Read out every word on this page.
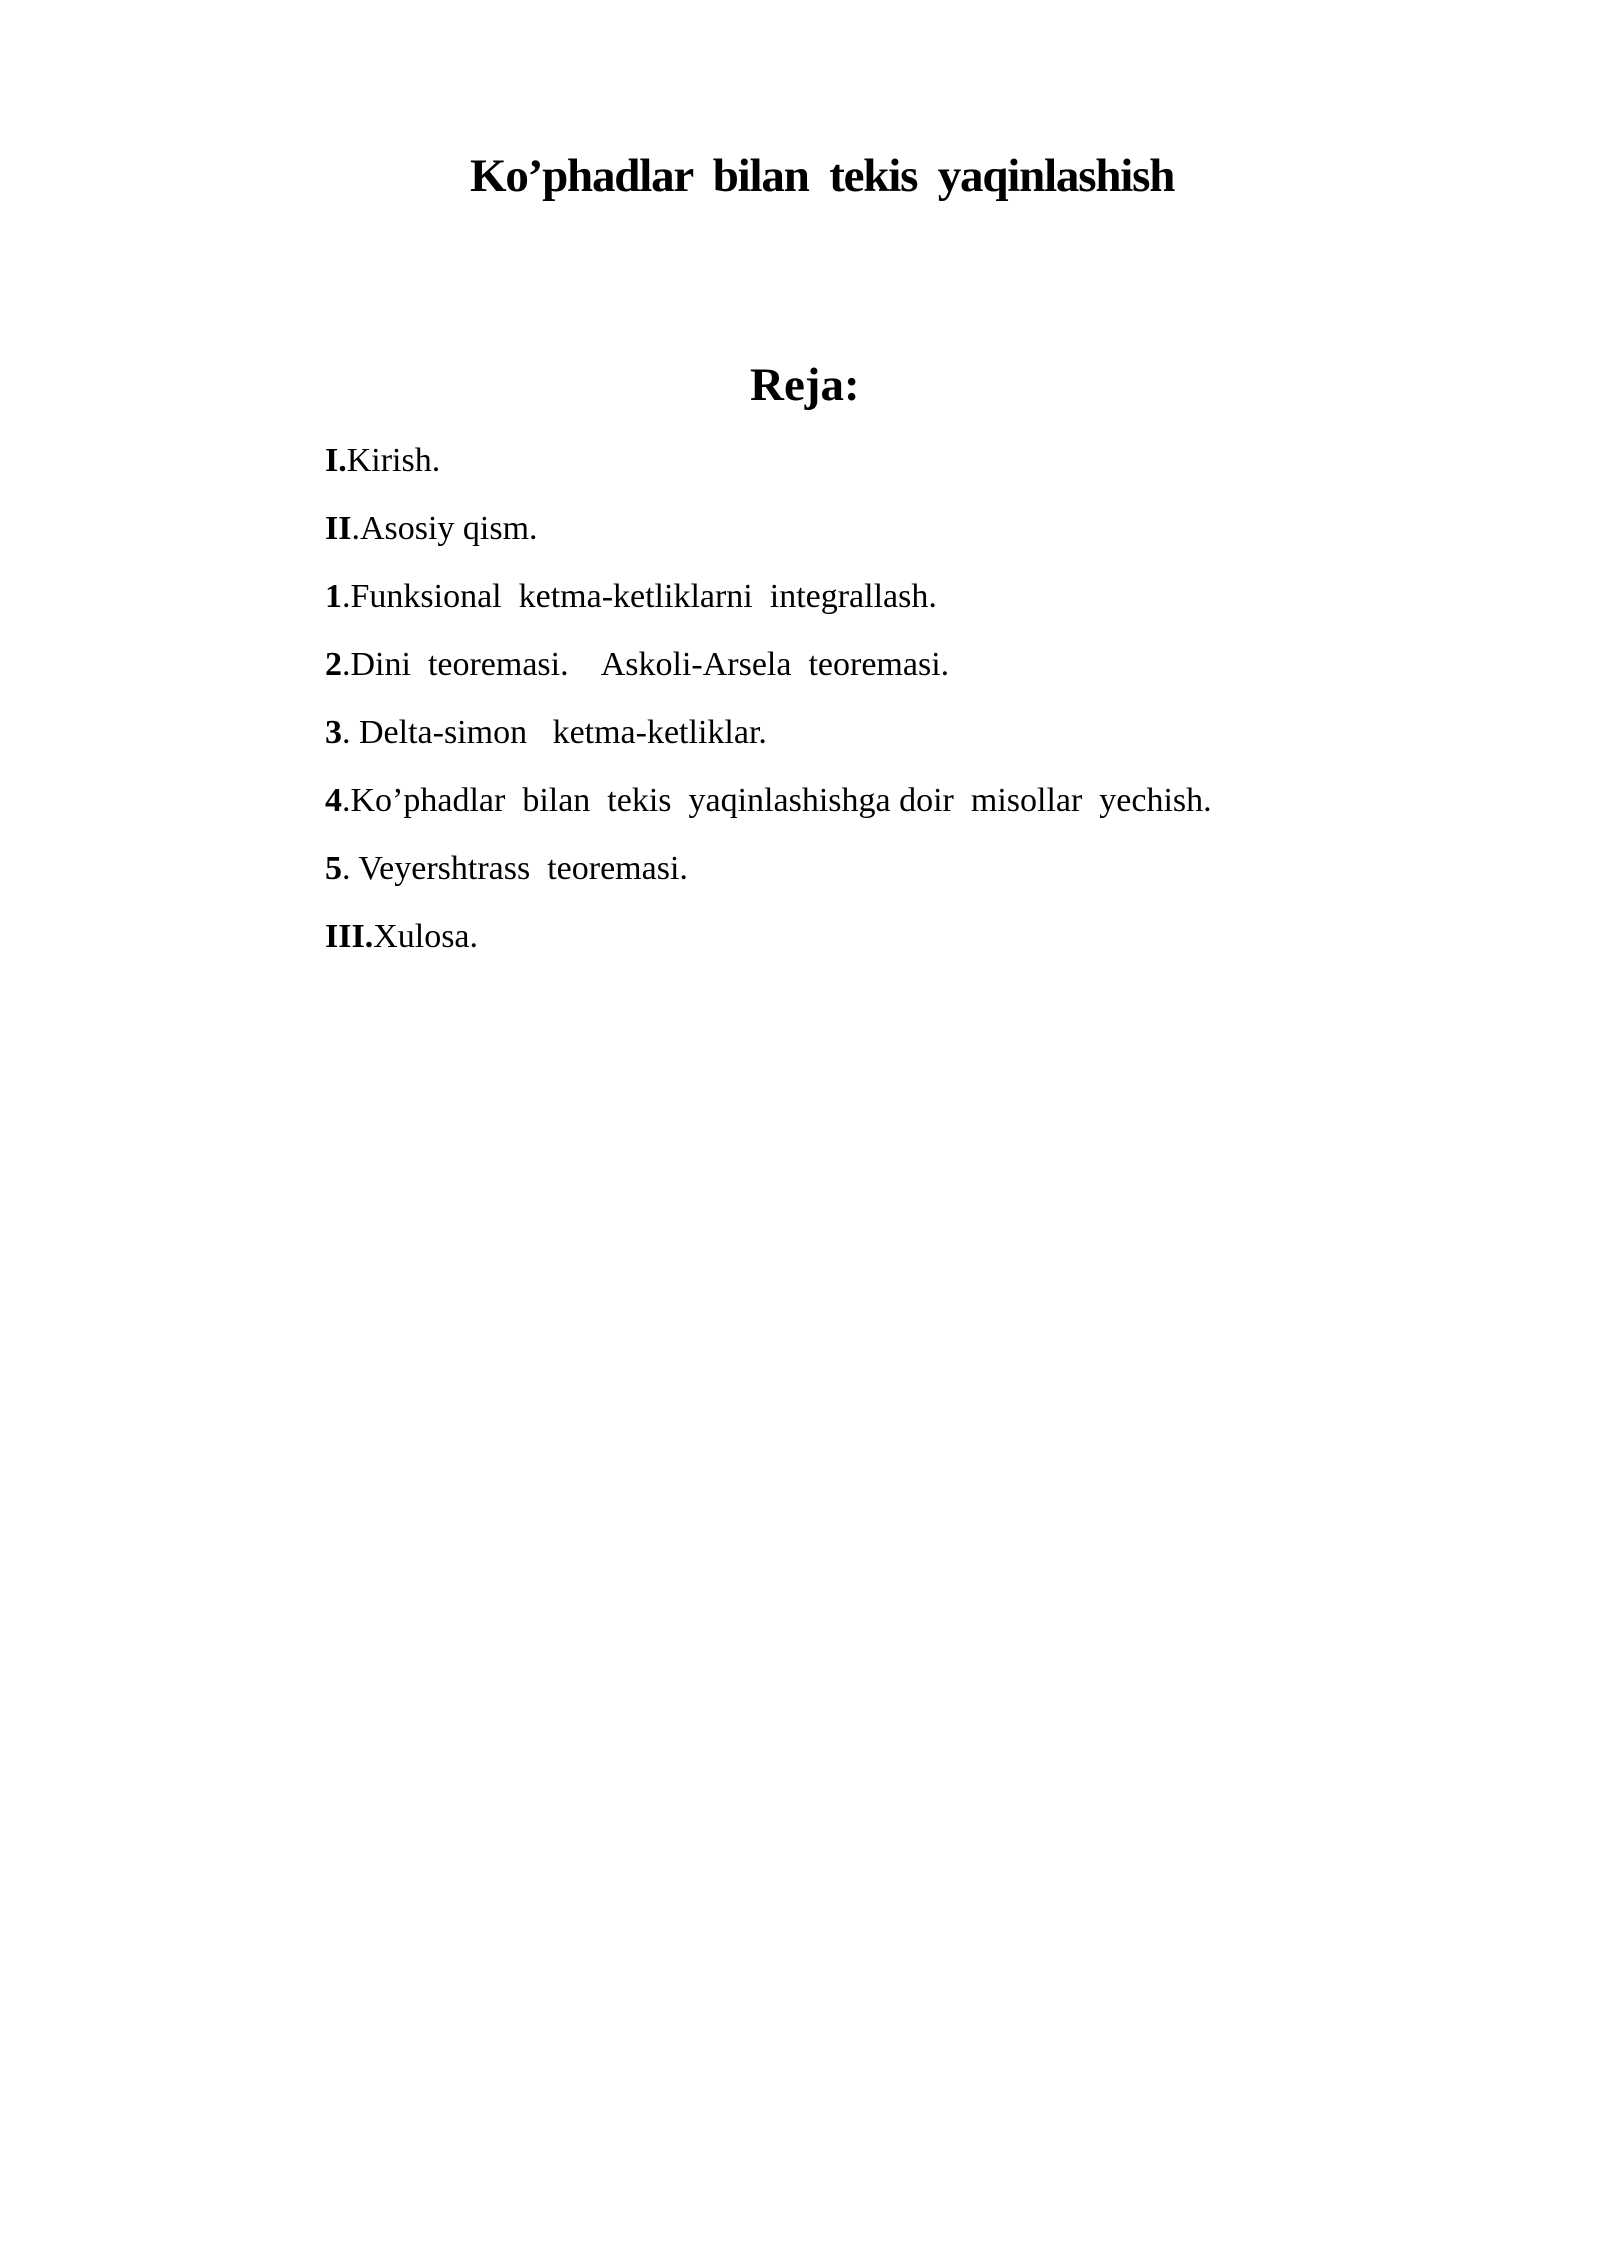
Ko’phadlar bilan tekis yaqinlashish
Reja:
I.Kirish.
II.Asosiy qism.
1.Funksional  ketma-ketliklarni  integrallash.
2.Dini  teoremasi.    Askoli-Arsela  teoremasi.
3. Delta-simon   ketma-ketliklar.
4.Ko’phadlar  bilan  tekis  yaqinlashishga doir  misollar  yechish.
5. Veyershtrass  teoremasi.
III.Xulosa.
